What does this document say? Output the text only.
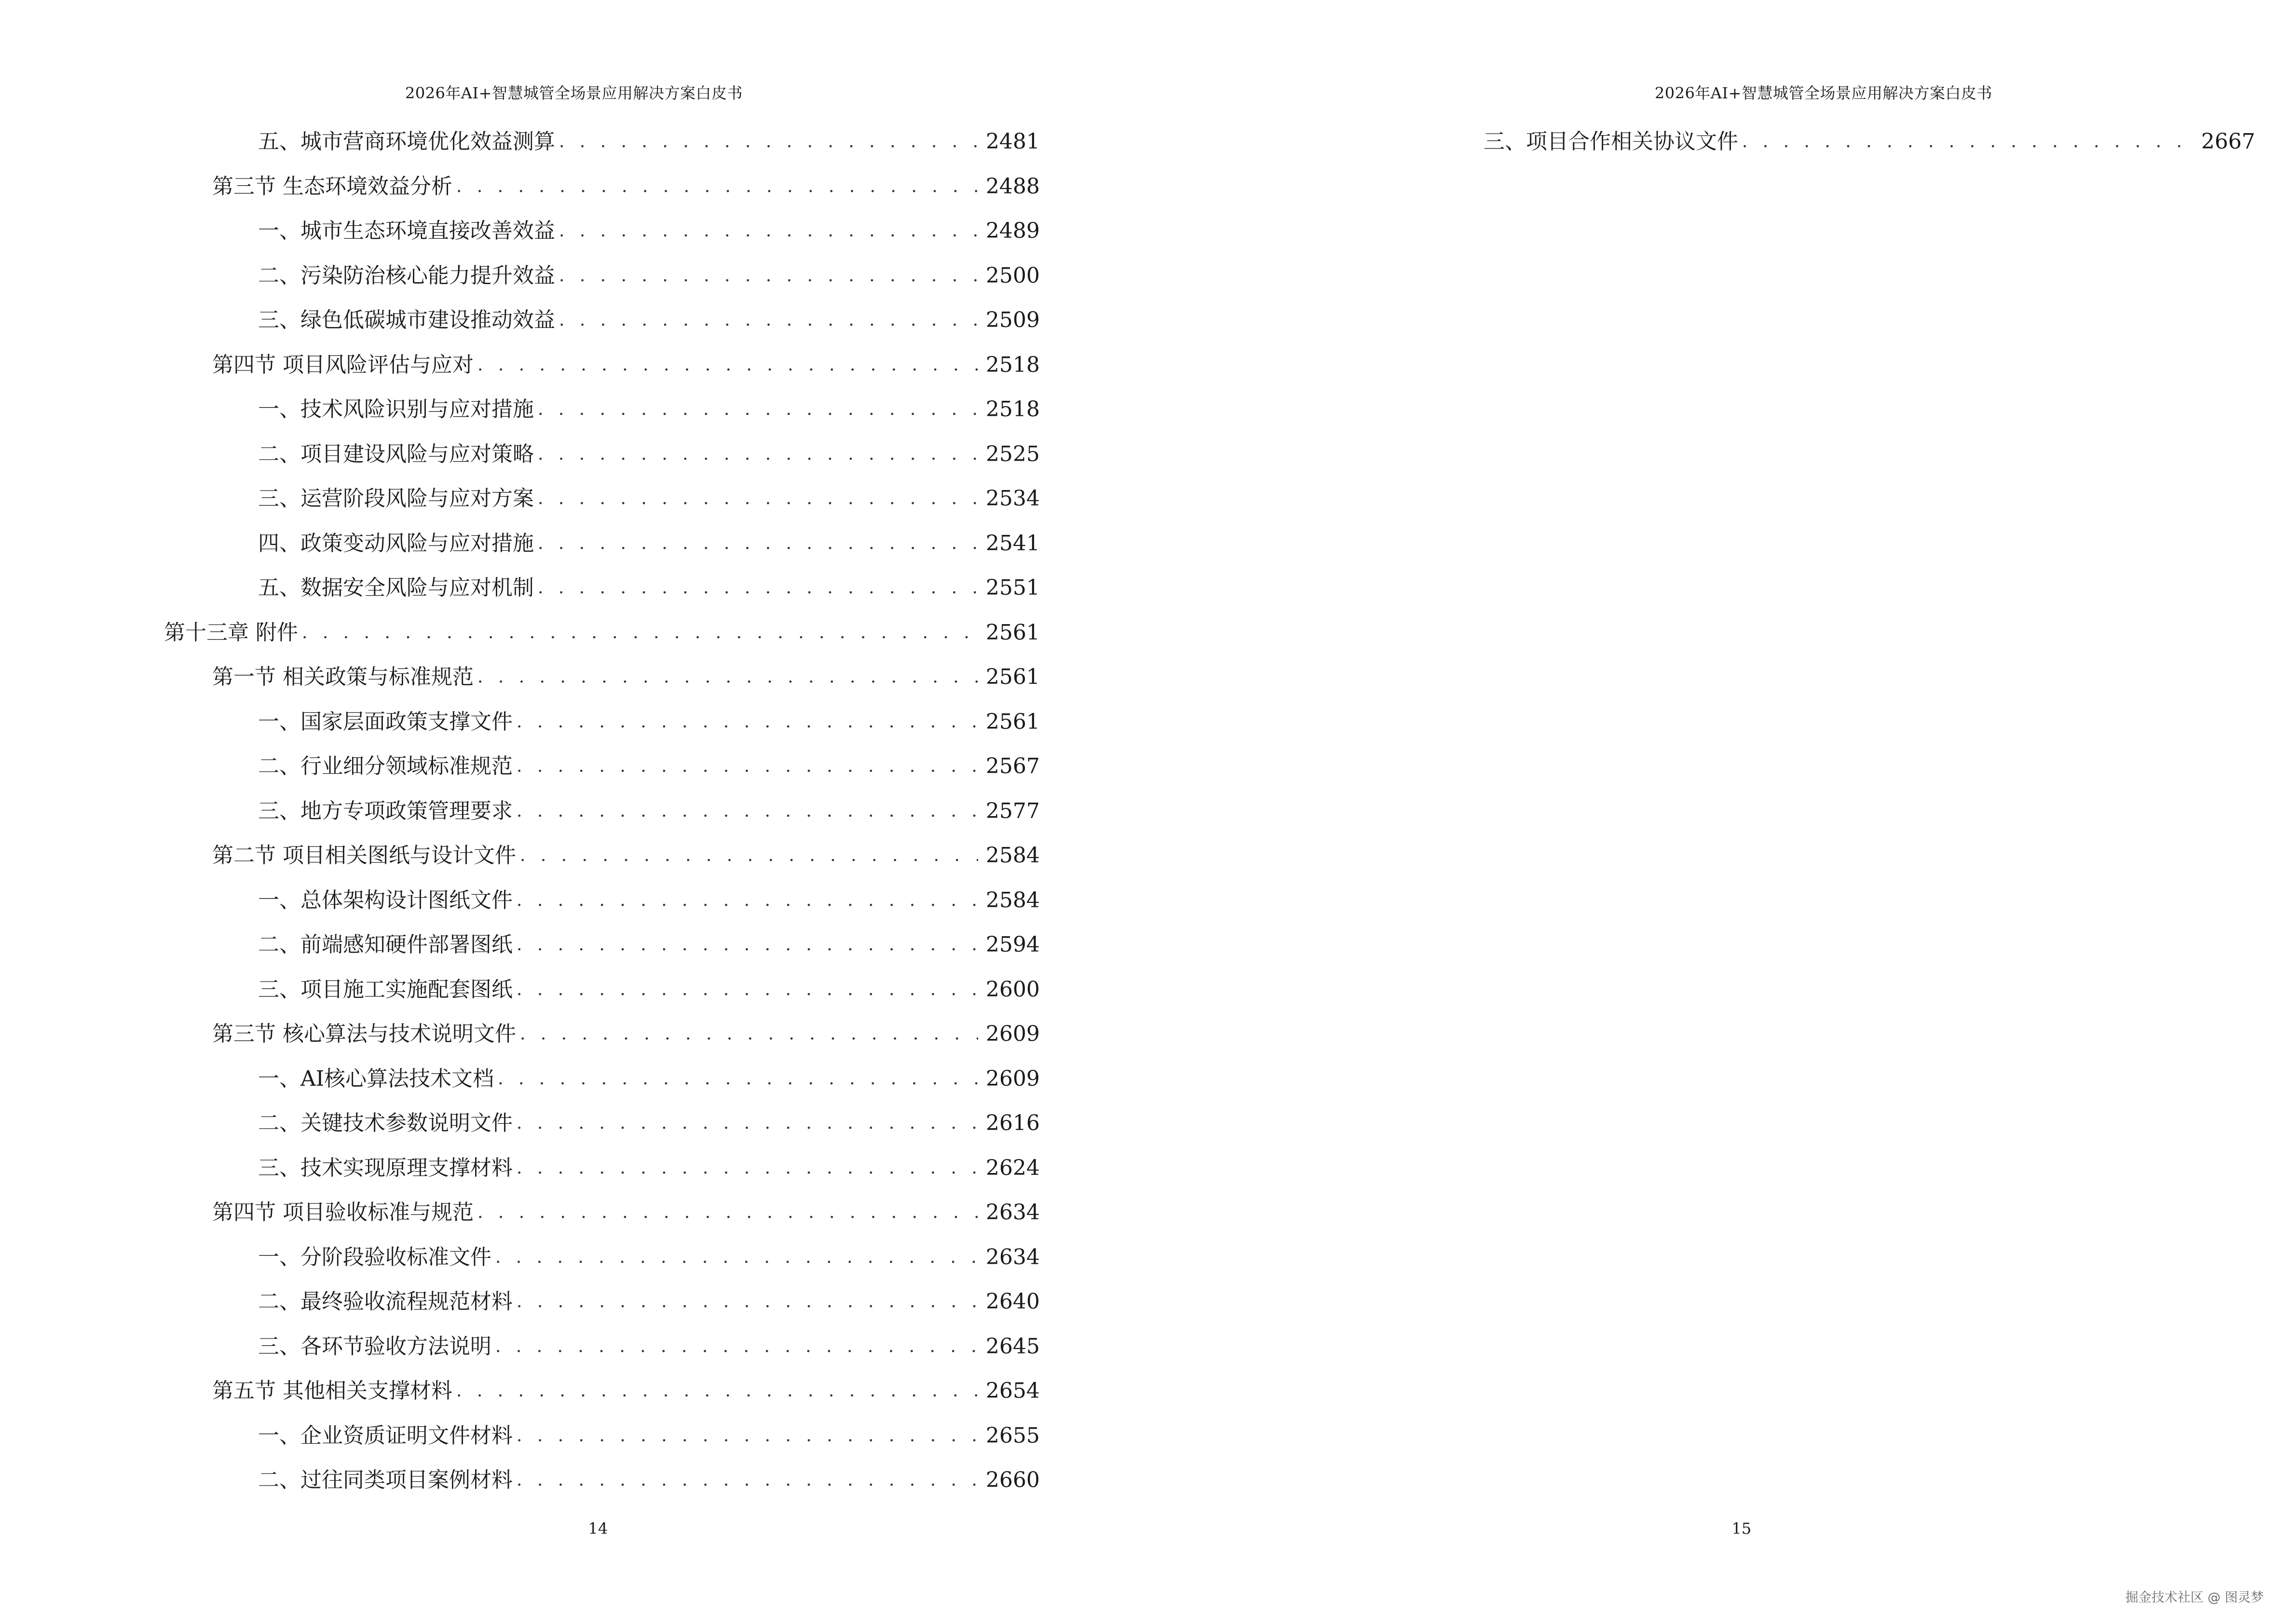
2026年AI+智慧城管全场景应用解决方案白皮书
五、城市营商环境优化效益测算 . . .	2481
第三节 生态环境效益分析 . . .	2488
一、城市生态环境直接改善效益 . . .	2489
二、污染防治核心能力提升效益 . . .	2500
三、绿色低碳城市建设推动效益 . . .	2509
第四节 项目风险评估与应对 . . .	2518
一、技术风险识别与应对措施 . . .	2518
二、项目建设风险与应对策略 . . .	2525
三、运营阶段风险与应对方案 . . .	2534
四、政策变动风险与应对措施 . . .	2541
五、数据安全风险与应对机制 . . .	2551
第十三章 附件 . . .	2561
第一节 相关政策与标准规范 . . .	2561
一、国家层面政策支撑文件 . . .	2561
二、行业细分领域标准规范 . . .	2567
三、地方专项政策管理要求 . . .	2577
第二节 项目相关图纸与设计文件 . . .	2584
一、总体架构设计图纸文件 . . .	2584
二、前端感知硬件部署图纸 . . .	2594
三、项目施工实施配套图纸 . . .	2600
第三节 核心算法与技术说明文件 . . .	2609
一、AI核心算法技术文档 . . .	2609
二、关键技术参数说明文件 . . .	2616
三、技术实现原理支撑材料 . . .	2624
第四节 项目验收标准与规范 . . .	2634
一、分阶段验收标准文件 . . .	2634
二、最终验收流程规范材料 . . .	2640
三、各环节验收方法说明 . . .	2645
第五节 其他相关支撑材料 . . .	2654
一、企业资质证明文件材料 . . .	2655
二、过往同类项目案例材料 . . .	2660
14
2026年AI+智慧城管全场景应用解决方案白皮书
三、项目合作相关协议文件 . . .	2667
15
掘金技术社区 @ 图灵梦
